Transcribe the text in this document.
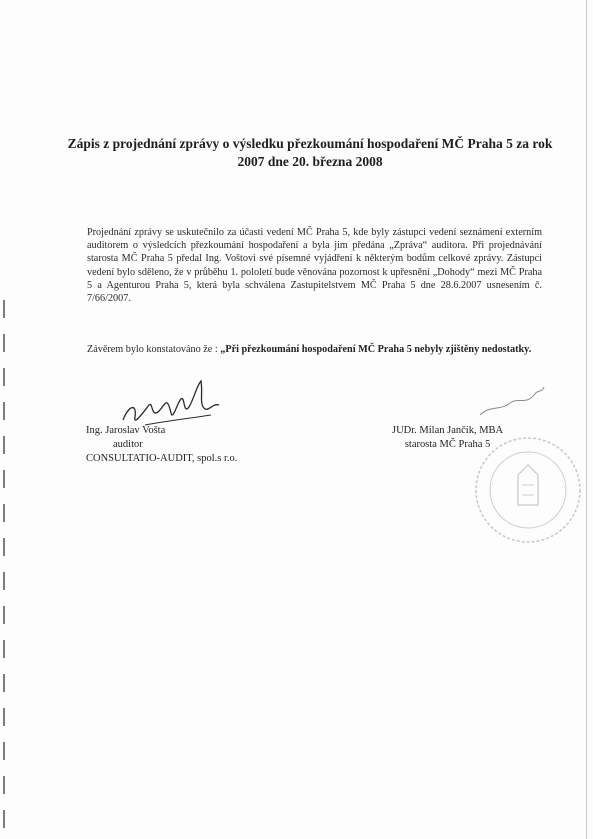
Zápis z projednání zprávy o výsledku přezkoumání hospodaření MČ Praha 5 za rok 2007 dne 20. března 2008
Projednání zprávy se uskutečnilo za účasti vedení MČ Praha 5, kde byly zástupci vedení seznámení externím auditorem o výsledcích přezkoumání hospodaření a byla jim předána „Zpráva“ auditora. Při projednávání starosta MČ Praha 5 předal Ing. Voštovi své písemné vyjádření k některým bodům celkové zprávy. Zástupci vedení bylo sděleno, že v průběhu 1. pololetí bude věnována pozornost k upřesnění „Dohody“ mezi MČ Praha 5 a Agenturou Praha 5, která byla schválena Zastupitelstvem MČ Praha 5 dne 28.6.2007 usnesením č. 7/66/2007.
Závěrem bylo konstatováno že : „Při přezkoumání hospodaření MČ Praha 5 nebyly zjištěny nedostatky.
Ing. Jaroslav Vošta
auditor
CONSULTATIO-AUDIT, spol.s r.o.
JUDr. Milan Jančík, MBA
starosta MČ Praha 5
